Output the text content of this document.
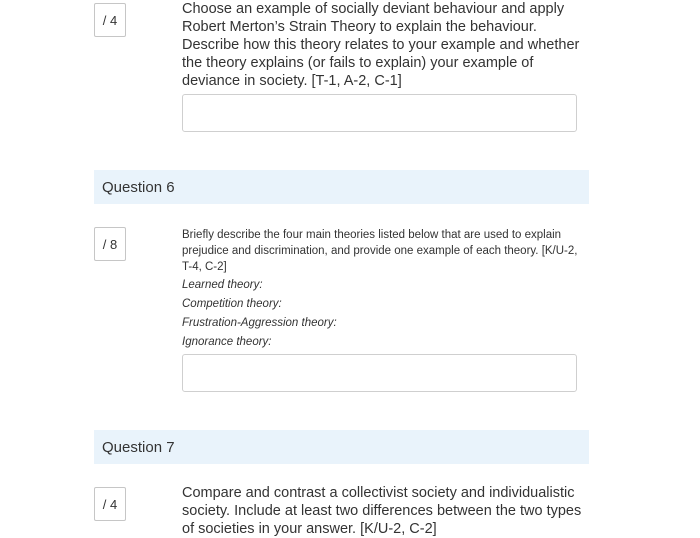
/ 4
Choose an example of socially deviant behaviour and apply Robert Merton’s Strain Theory to explain the behaviour. Describe how this theory relates to your example and whether the theory explains (or fails to explain) your example of deviance in society. [T-1, A-2, C-1]
Question 6
/ 8
Briefly describe the four main theories listed below that are used to explain prejudice and discrimination, and provide one example of each theory. [K/U-2, T-4, C-2]
Learned theory:
Competition theory:
Frustration-Aggression theory:
Ignorance theory:
Question 7
/ 4
Compare and contrast a collectivist society and individualistic society. Include at least two differences between the two types of societies in your answer. [K/U-2, C-2]
